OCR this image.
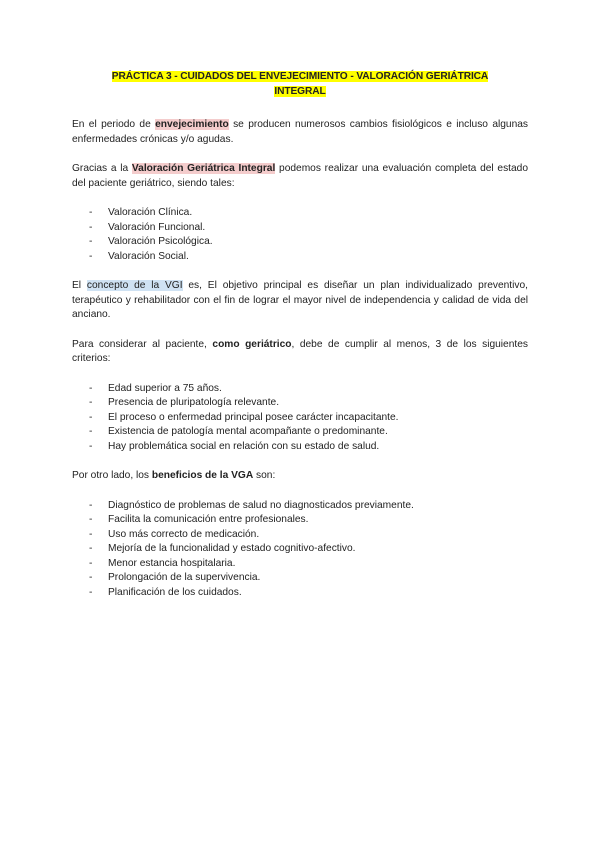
PRÁCTICA 3 - CUIDADOS DEL ENVEJECIMIENTO - VALORACIÓN GERIÁTRICA
INTEGRAL

En el periodo de envejecimiento se producen numerosos cambios fisiológicos e incluso algunas enfermedades crónicas y/o agudas.

Gracias a la Valoración Geriátrica Integral podemos realizar una evaluación completa del estado del paciente geriátrico, siendo tales:

- Valoración Clínica.
- Valoración Funcional.
- Valoración Psicológica.
- Valoración Social.

El concepto de la VGI es, El objetivo principal es diseñar un plan individualizado preventivo, terapéutico y rehabilitador con el fin de lograr el mayor nivel de independencia y calidad de vida del anciano.

Para considerar al paciente, como geriátrico, debe de cumplir al menos, 3 de los siguientes criterios:

- Edad superior a 75 años.
- Presencia de pluripatología relevante.
- El proceso o enfermedad principal posee carácter incapacitante.
- Existencia de patología mental acompañante o predominante.
- Hay problemática social en relación con su estado de salud.

Por otro lado, los beneficios de la VGA son:

- Diagnóstico de problemas de salud no diagnosticados previamente.
- Facilita la comunicación entre profesionales.
- Uso más correcto de medicación.
- Mejoría de la funcionalidad y estado cognitivo-afectivo.
- Menor estancia hospitalaria.
- Prolongación de la supervivencia.
- Planificación de los cuidados.
